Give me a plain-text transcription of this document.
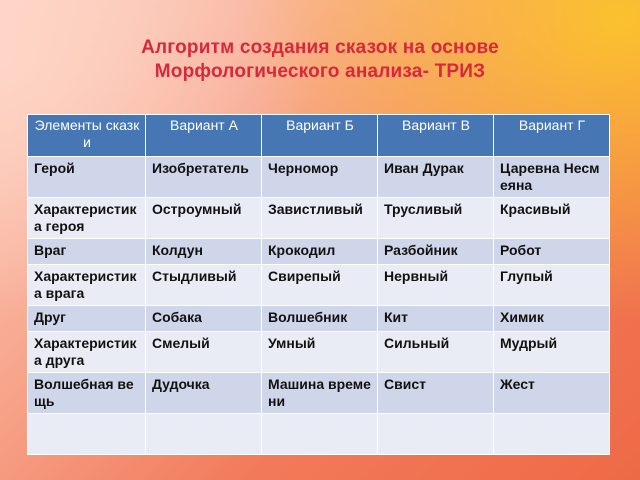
Алгоритм создания сказок на основе
Морфологического анализа- ТРИЗ
Элементы сказки	Вариант А	Вариант Б	Вариант В	Вариант Г
Герой	Изобретатель	Черномор	Иван Дурак	Царевна Несмеяна
Характеристика героя	Остроумный	Завистливый	Трусливый	Красивый
Враг	Колдун	Крокодил	Разбойник	Робот
Характеристика врага	Стыдливый	Свирепый	Нервный	Глупый
Друг	Собака	Волшебник	Кит	Химик
Характеристика друга	Смелый	Умный	Сильный	Мудрый
Волшебная вещь	Дудочка	Машина времени	Свист	Жест
